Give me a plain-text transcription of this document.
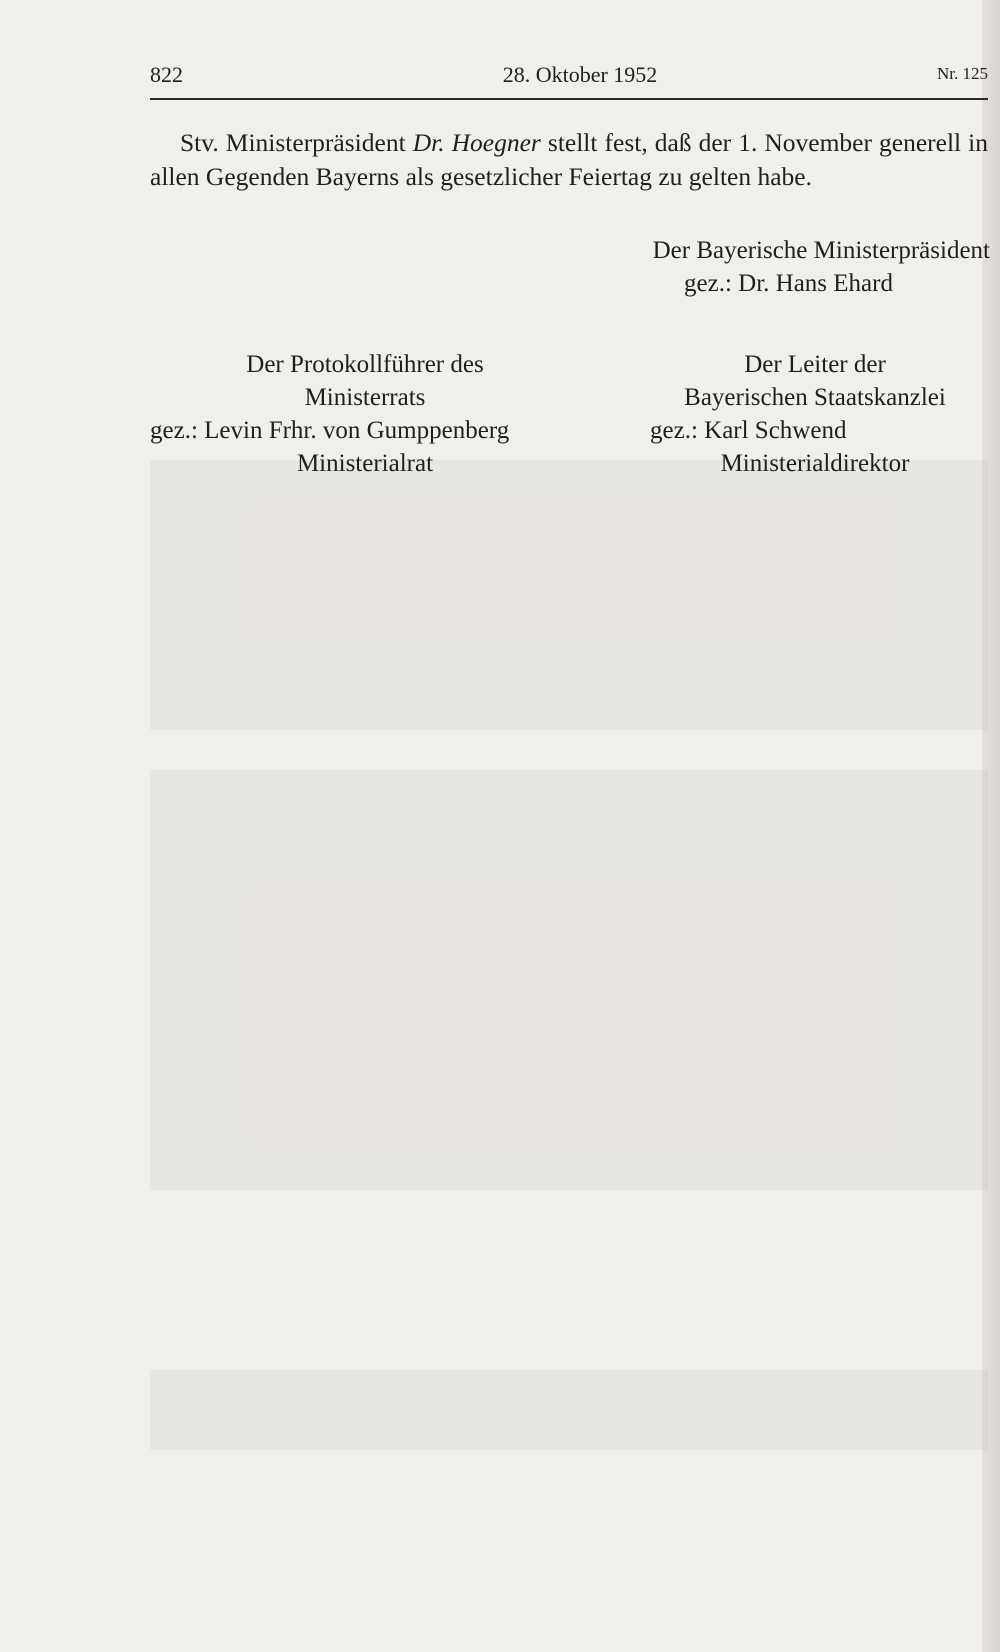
822	28. Oktober 1952	Nr. 125

Stv. Ministerpräsident Dr. Hoegner stellt fest, daß der 1. November generell in allen Gegenden Bayerns als gesetzlicher Feiertag zu gelten habe.

Der Bayerische Ministerpräsident
gez.: Dr. Hans Ehard
Der Protokollführer des
Ministerrats
gez.: Levin Frhr. von Gumppenberg
Ministerialrat
Der Leiter der
Bayerischen Staatskanzlei
gez.: Karl Schwend
Ministerialdirektor
